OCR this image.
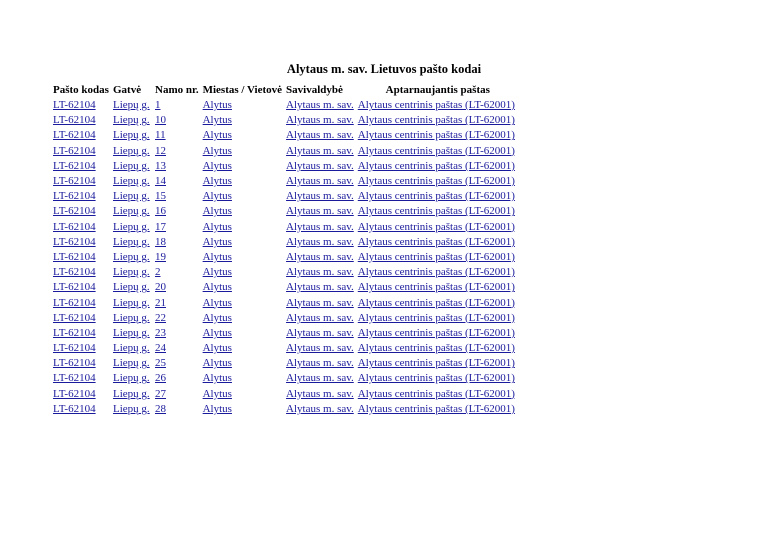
Alytaus m. sav. Lietuvos pašto kodai
Pašto kodas	Gatvė	Namo nr.	Miestas / Vietovė	Savivaldybė	Aptarnaujantis paštas
LT-62104	Liepų g.	1	Alytus	Alytaus m. sav.	Alytaus centrinis paštas (LT-62001)
LT-62104	Liepų g.	10	Alytus	Alytaus m. sav.	Alytaus centrinis paštas (LT-62001)
LT-62104	Liepų g.	11	Alytus	Alytaus m. sav.	Alytaus centrinis paštas (LT-62001)
LT-62104	Liepų g.	12	Alytus	Alytaus m. sav.	Alytaus centrinis paštas (LT-62001)
LT-62104	Liepų g.	13	Alytus	Alytaus m. sav.	Alytaus centrinis paštas (LT-62001)
LT-62104	Liepų g.	14	Alytus	Alytaus m. sav.	Alytaus centrinis paštas (LT-62001)
LT-62104	Liepų g.	15	Alytus	Alytaus m. sav.	Alytaus centrinis paštas (LT-62001)
LT-62104	Liepų g.	16	Alytus	Alytaus m. sav.	Alytaus centrinis paštas (LT-62001)
LT-62104	Liepų g.	17	Alytus	Alytaus m. sav.	Alytaus centrinis paštas (LT-62001)
LT-62104	Liepų g.	18	Alytus	Alytaus m. sav.	Alytaus centrinis paštas (LT-62001)
LT-62104	Liepų g.	19	Alytus	Alytaus m. sav.	Alytaus centrinis paštas (LT-62001)
LT-62104	Liepų g.	2	Alytus	Alytaus m. sav.	Alytaus centrinis paštas (LT-62001)
LT-62104	Liepų g.	20	Alytus	Alytaus m. sav.	Alytaus centrinis paštas (LT-62001)
LT-62104	Liepų g.	21	Alytus	Alytaus m. sav.	Alytaus centrinis paštas (LT-62001)
LT-62104	Liepų g.	22	Alytus	Alytaus m. sav.	Alytaus centrinis paštas (LT-62001)
LT-62104	Liepų g.	23	Alytus	Alytaus m. sav.	Alytaus centrinis paštas (LT-62001)
LT-62104	Liepų g.	24	Alytus	Alytaus m. sav.	Alytaus centrinis paštas (LT-62001)
LT-62104	Liepų g.	25	Alytus	Alytaus m. sav.	Alytaus centrinis paštas (LT-62001)
LT-62104	Liepų g.	26	Alytus	Alytaus m. sav.	Alytaus centrinis paštas (LT-62001)
LT-62104	Liepų g.	27	Alytus	Alytaus m. sav.	Alytaus centrinis paštas (LT-62001)
LT-62104	Liepų g.	28	Alytus	Alytaus m. sav.	Alytaus centrinis paštas (LT-62001)
